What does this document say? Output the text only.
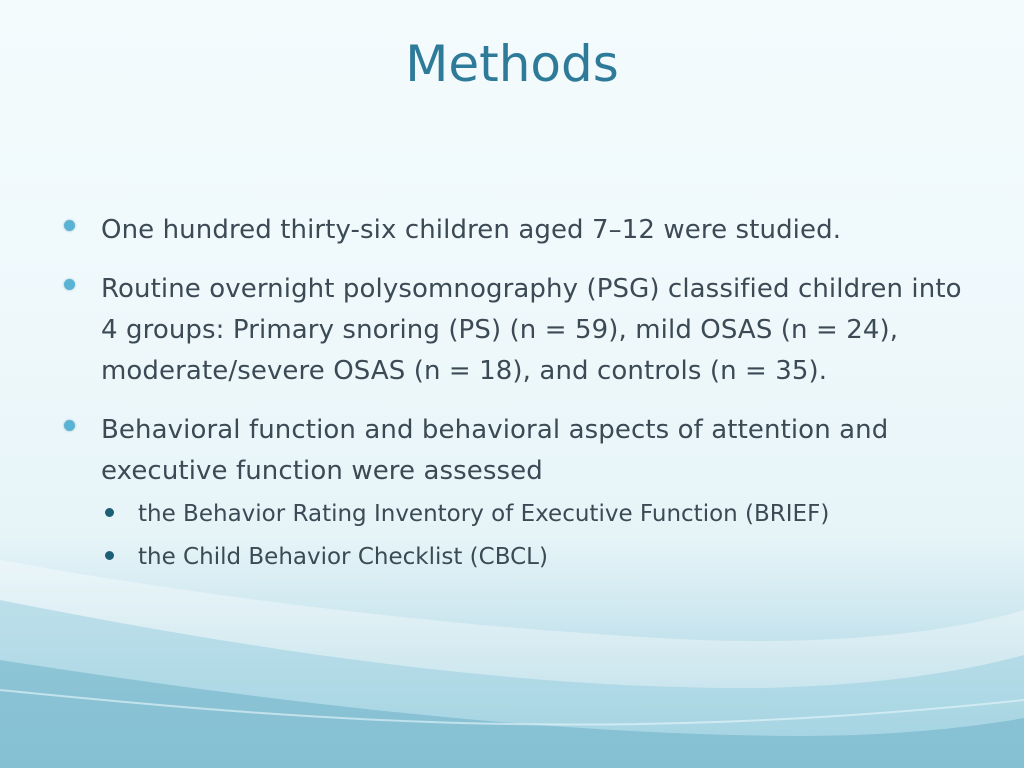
Methods
One hundred thirty-six children aged 7–12 were studied.
Routine overnight polysomnography (PSG) classified children into 4 groups: Primary snoring (PS) (n = 59), mild OSAS (n = 24), moderate/severe OSAS (n = 18), and controls (n = 35).
Behavioral function and behavioral aspects of attention and executive function were assessed
the Behavior Rating Inventory of Executive Function (BRIEF)
the Child Behavior Checklist (CBCL)
